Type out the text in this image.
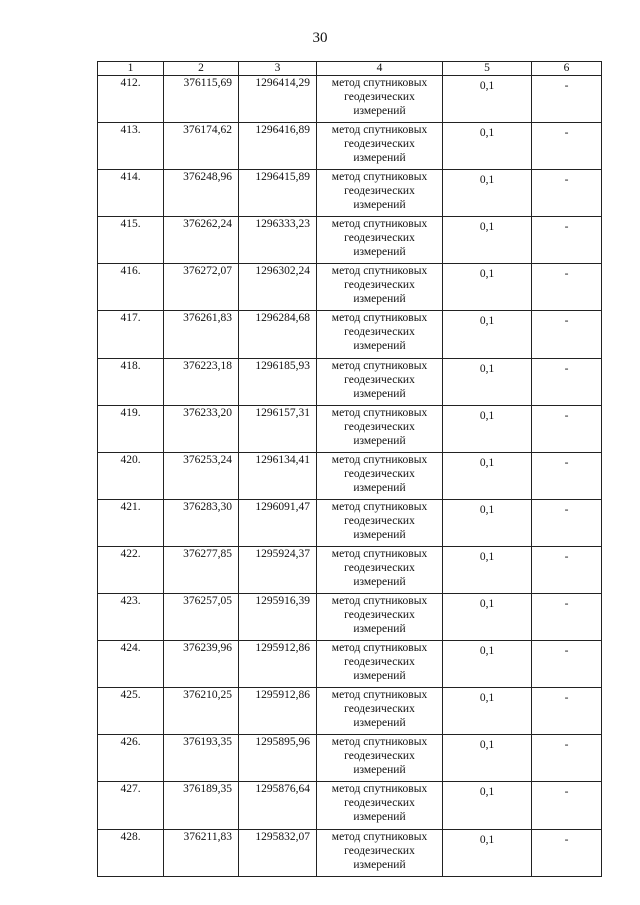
30
1	2	3	4	5	6
412.	376115,69	1296414,29	метод спутниковых
геодезических
измерений	0,1	-
413.	376174,62	1296416,89	метод спутниковых
геодезических
измерений	0,1	-
414.	376248,96	1296415,89	метод спутниковых
геодезических
измерений	0,1	-
415.	376262,24	1296333,23	метод спутниковых
геодезических
измерений	0,1	-
416.	376272,07	1296302,24	метод спутниковых
геодезических
измерений	0,1	-
417.	376261,83	1296284,68	метод спутниковых
геодезических
измерений	0,1	-
418.	376223,18	1296185,93	метод спутниковых
геодезических
измерений	0,1	-
419.	376233,20	1296157,31	метод спутниковых
геодезических
измерений	0,1	-
420.	376253,24	1296134,41	метод спутниковых
геодезических
измерений	0,1	-
421.	376283,30	1296091,47	метод спутниковых
геодезических
измерений	0,1	-
422.	376277,85	1295924,37	метод спутниковых
геодезических
измерений	0,1	-
423.	376257,05	1295916,39	метод спутниковых
геодезических
измерений	0,1	-
424.	376239,96	1295912,86	метод спутниковых
геодезических
измерений	0,1	-
425.	376210,25	1295912,86	метод спутниковых
геодезических
измерений	0,1	-
426.	376193,35	1295895,96	метод спутниковых
геодезических
измерений	0,1	-
427.	376189,35	1295876,64	метод спутниковых
геодезических
измерений	0,1	-
428.	376211,83	1295832,07	метод спутниковых
геодезических
измерений	0,1	-
